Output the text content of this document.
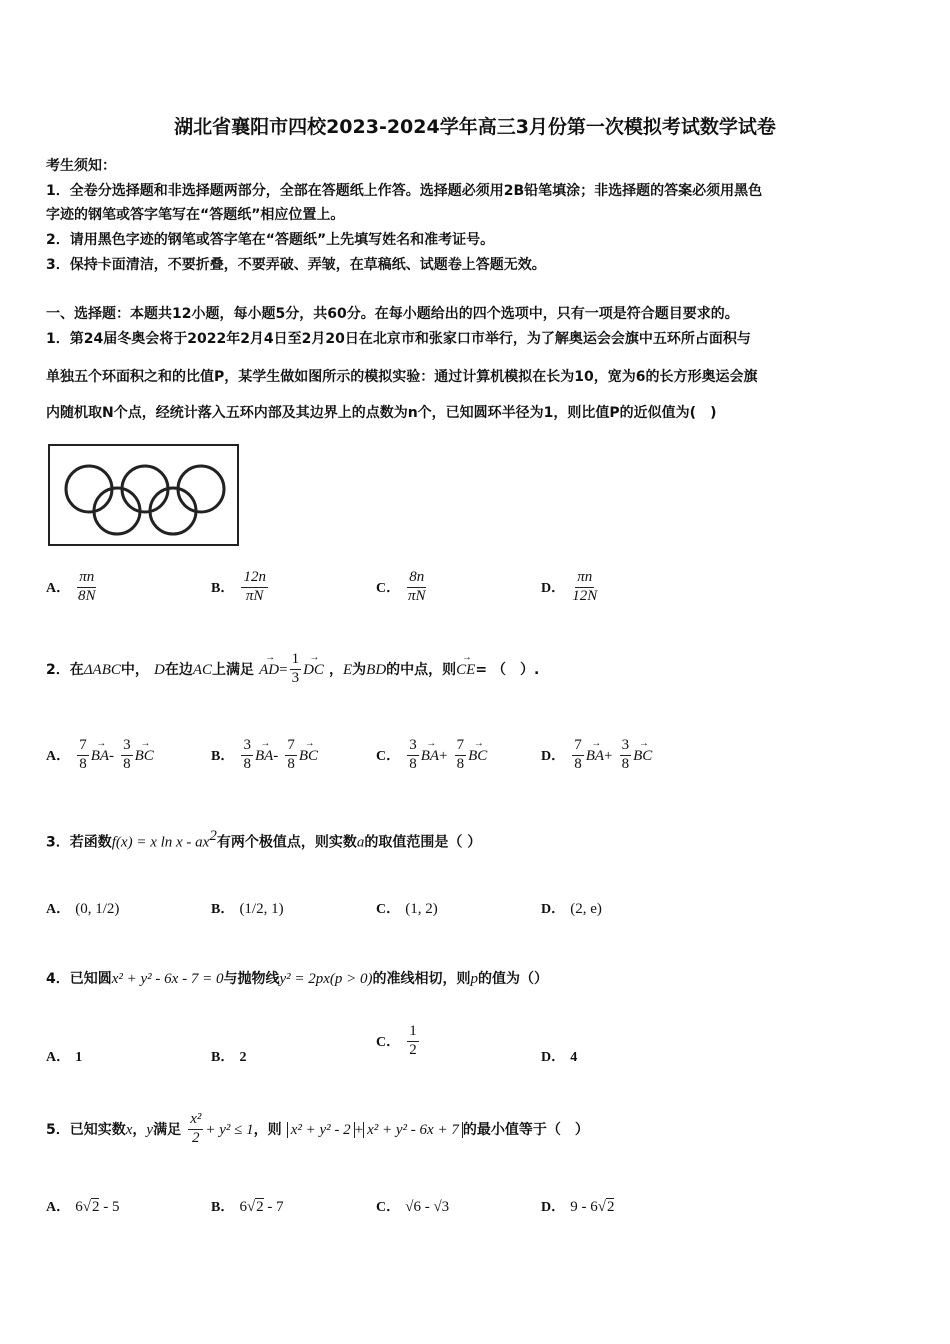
湖北省襄阳市四校2023-2024学年高三3月份第一次模拟考试数学试卷
考生须知：
1．全卷分选择题和非选择题两部分，全部在答题纸上作答。选择题必须用2B铅笔填涂；非选择题的答案必须用黑色
字迹的钢笔或答字笔写在“答题纸”相应位置上。
2．请用黑色字迹的钢笔或答字笔在“答题纸”上先填写姓名和准考证号。
3．保持卡面清洁，不要折叠，不要弄破、弄皱，在草稿纸、试题卷上答题无效。
一、选择题：本题共12小题，每小题5分，共60分。在每小题给出的四个选项中，只有一项是符合题目要求的。
1．第24届冬奥会将于2022年2月4日至2月20日在北京市和张家口市举行，为了解奥运会会旗中五环所占面积与
单独五个环面积之和的比值P，某学生做如图所示的模拟实验：通过计算机模拟在长为10，宽为6的长方形奥运会旗
内随机取N个点，经统计落入五环内部及其边界上的点数为n个，已知圆环半径为1，则比值P的近似值为(　)
A． $\frac{\pi n}{8N}$	B． $\frac{12n}{\pi N}$	C． $\frac{8n}{\pi N}$	D． $\frac{\pi n}{12N}$
2．在ΔABC中， D在边AC上满足 → $AD= \frac{1}{3}$
→ DC ，E为BD的中点，则→ CE= （　）.
A． $\frac{7}{8}$
→ $BA- \frac{3}{8}$
→ BC	B． $\frac{3}{8}$
→ $BA- \frac{7}{8}$
→ BC	C． $\frac{3}{8}$
→ $BA+ \frac{7}{8}$
→ BC	D． $\frac{7}{8}$
→ $BA+ \frac{3}{8}$
→ BC
3．若函数f(x) = x ln x - $ax^2$有两个极值点，则实数a的取值范围是（ ）
A． (0, 1/2)	B． (1/2, 1)	C． (1, 2)	D． (2, e)
4．已知圆x² + y² - 6x - 7 = 0与抛物线y² = 2px(p > 0)的准线相切，则p的值为（）
A． 1	B． 2
C． $\frac{1}{2}$	D． 4
5．已知实数x，y满足 $\frac{\text{x²}}{2} + y^2 \le 1$，则 x² + y² - 2 + x² + y² - 6x + 7 的最小值等于（　）
A． 6√2 - 5	B． 6√2 - 7	C． √6 - √3	D． 9 - 6√2
